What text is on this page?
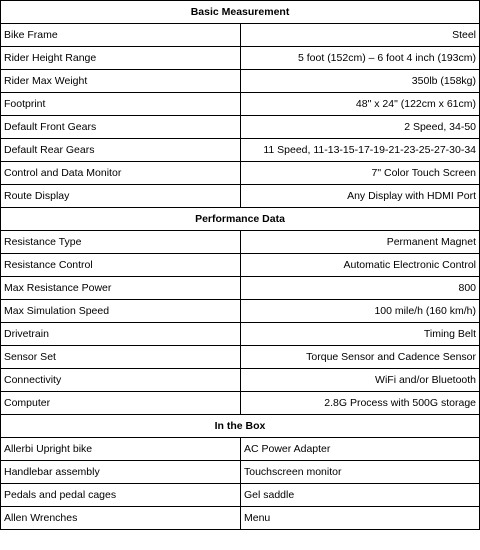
Basic Measurement	
Bike Frame	Steel
Rider Height Range	5 foot (152cm) – 6 foot 4 inch (193cm)
Rider Max Weight	350lb (158kg)
Footprint	48" x 24" (122cm x 61cm)
Default Front Gears	2 Speed, 34-50
Default Rear Gears	11 Speed, 11-13-15-17-19-21-23-25-27-30-34
Control and Data Monitor	7" Color Touch Screen
Route Display	Any Display with HDMI Port
Performance Data	
Resistance Type	Permanent Magnet
Resistance Control	Automatic Electronic Control
Max Resistance Power	800
Max Simulation Speed	100 mile/h (160 km/h)
Drivetrain	Timing Belt
Sensor Set	Torque Sensor and Cadence Sensor
Connectivity	WiFi and/or Bluetooth
Computer	2.8G Process with 500G storage
In the Box	
Allerbi Upright bike	AC Power Adapter
Handlebar assembly	Touchscreen monitor
Pedals and pedal cages	Gel saddle
Allen Wrenches	Menu
